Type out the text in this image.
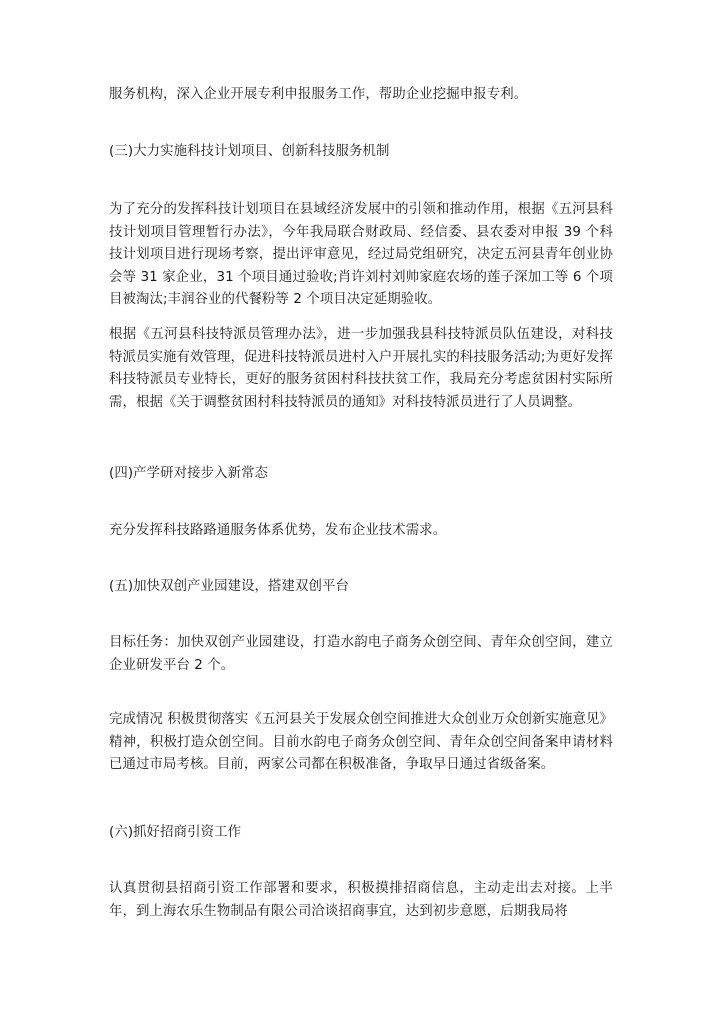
服务机构，深入企业开展专利申报服务工作，帮助企业挖掘申报专利。

(三)大力实施科技计划项目、创新科技服务机制

为了充分的发挥科技计划项目在县域经济发展中的引领和推动作用，根据《五河县科技计划项目管理暂行办法》，今年我局联合财政局、经信委、县农委对申报 39 个科技计划项目进行现场考察，提出评审意见，经过局党组研究，决定五河县青年创业协会等 31 家企业，31 个项目通过验收;肖许刘村刘帅家庭农场的莲子深加工等 6 个项目被淘汰;丰润谷业的代餐粉等 2 个项目决定延期验收。

根据《五河县科技特派员管理办法》，进一步加强我县科技特派员队伍建设，对科技特派员实施有效管理，促进科技特派员进村入户开展扎实的科技服务活动;为更好发挥科技特派员专业特长，更好的服务贫困村科技扶贫工作，我局充分考虑贫困村实际所需，根据《关于调整贫困村科技特派员的通知》对科技特派员进行了人员调整。

(四)产学研对接步入新常态

充分发挥科技路路通服务体系优势，发布企业技术需求。

(五)加快双创产业园建设，搭建双创平台

目标任务：加快双创产业园建设，打造水韵电子商务众创空间、青年众创空间，建立企业研发平台 2 个。

完成情况 积极贯彻落实《五河县关于发展众创空间推进大众创业万众创新实施意见》精神，积极打造众创空间。目前水韵电子商务众创空间、青年众创空间备案申请材料已通过市局考核。目前，两家公司都在积极准备，争取早日通过省级备案。

(六)抓好招商引资工作

认真贯彻县招商引资工作部署和要求，积极摸排招商信息，主动走出去对接。上半年，到上海农乐生物制品有限公司洽谈招商事宜，达到初步意愿，后期我局将
